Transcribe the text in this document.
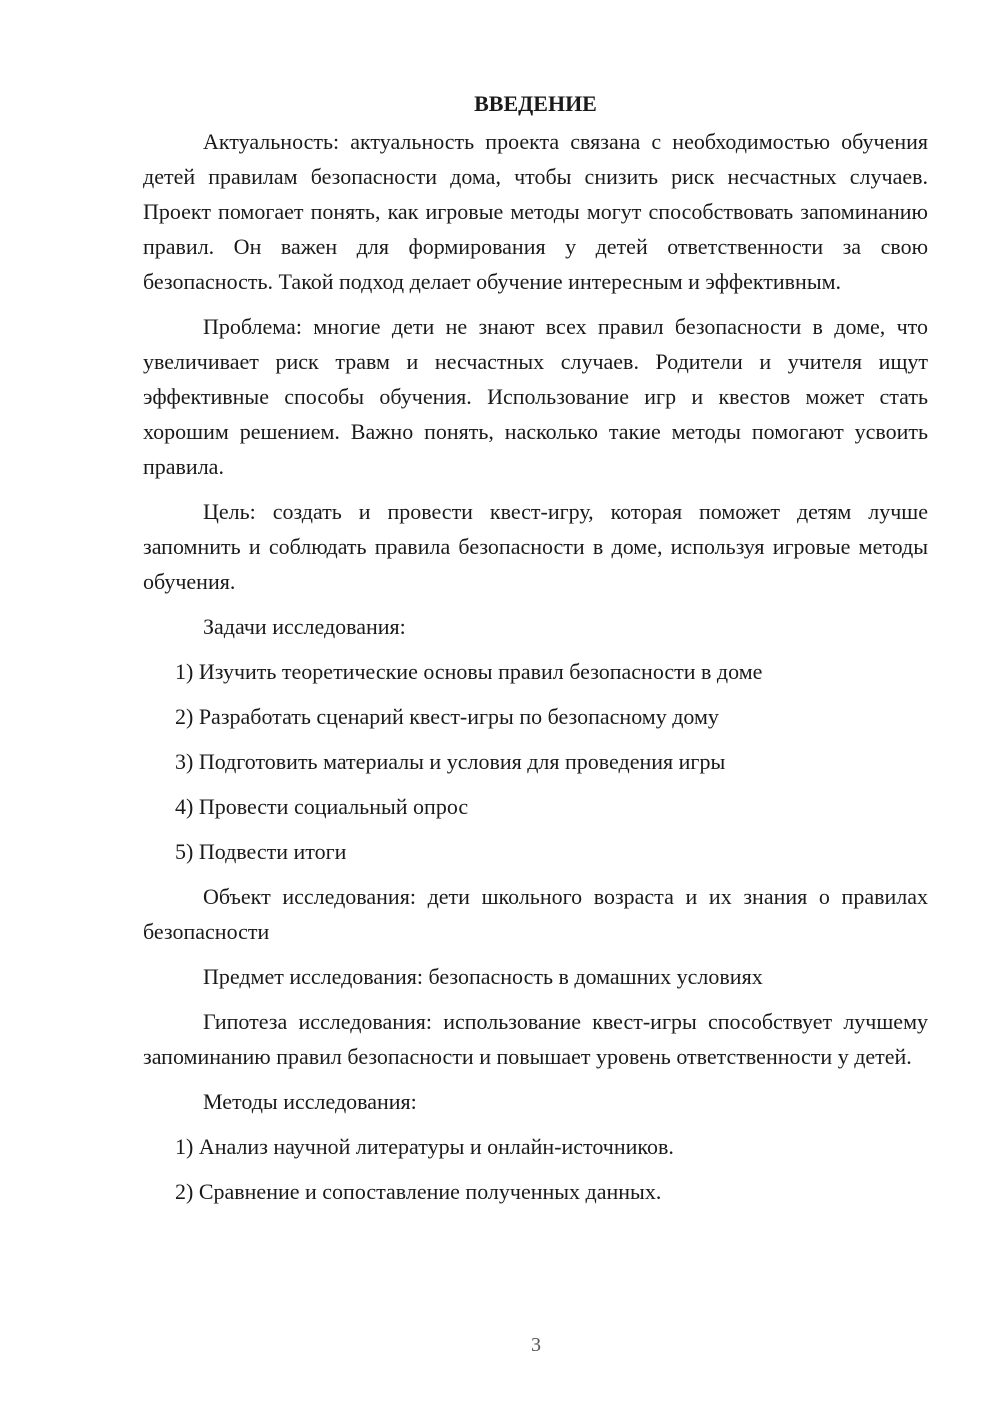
ВВЕДЕНИЕ

Актуальность: актуальность проекта связана с необходимостью обучения детей правилам безопасности дома, чтобы снизить риск несчастных случаев. Проект помогает понять, как игровые методы могут способствовать запоминанию правил. Он важен для формирования у детей ответственности за свою безопасность. Такой подход делает обучение интересным и эффективным.

Проблема: многие дети не знают всех правил безопасности в доме, что увеличивает риск травм и несчастных случаев. Родители и учителя ищут эффективные способы обучения. Использование игр и квестов может стать хорошим решением. Важно понять, насколько такие методы помогают усвоить правила.

Цель: создать и провести квест-игру, которая поможет детям лучше запомнить и соблюдать правила безопасности в доме, используя игровые методы обучения.

Задачи исследования:

1) Изучить теоретические основы правил безопасности в доме
2) Разработать сценарий квест-игры по безопасному дому
3) Подготовить материалы и условия для проведения игры
4) Провести социальный опрос
5) Подвести итоги

Объект исследования: дети школьного возраста и их знания о правилах безопасности

Предмет исследования: безопасность в домашних условиях

Гипотеза исследования: использование квест-игры способствует лучшему запоминанию правил безопасности и повышает уровень ответственности у детей.

Методы исследования:

1) Анализ научной литературы и онлайн-источников.
2) Сравнение и сопоставление полученных данных.
3
